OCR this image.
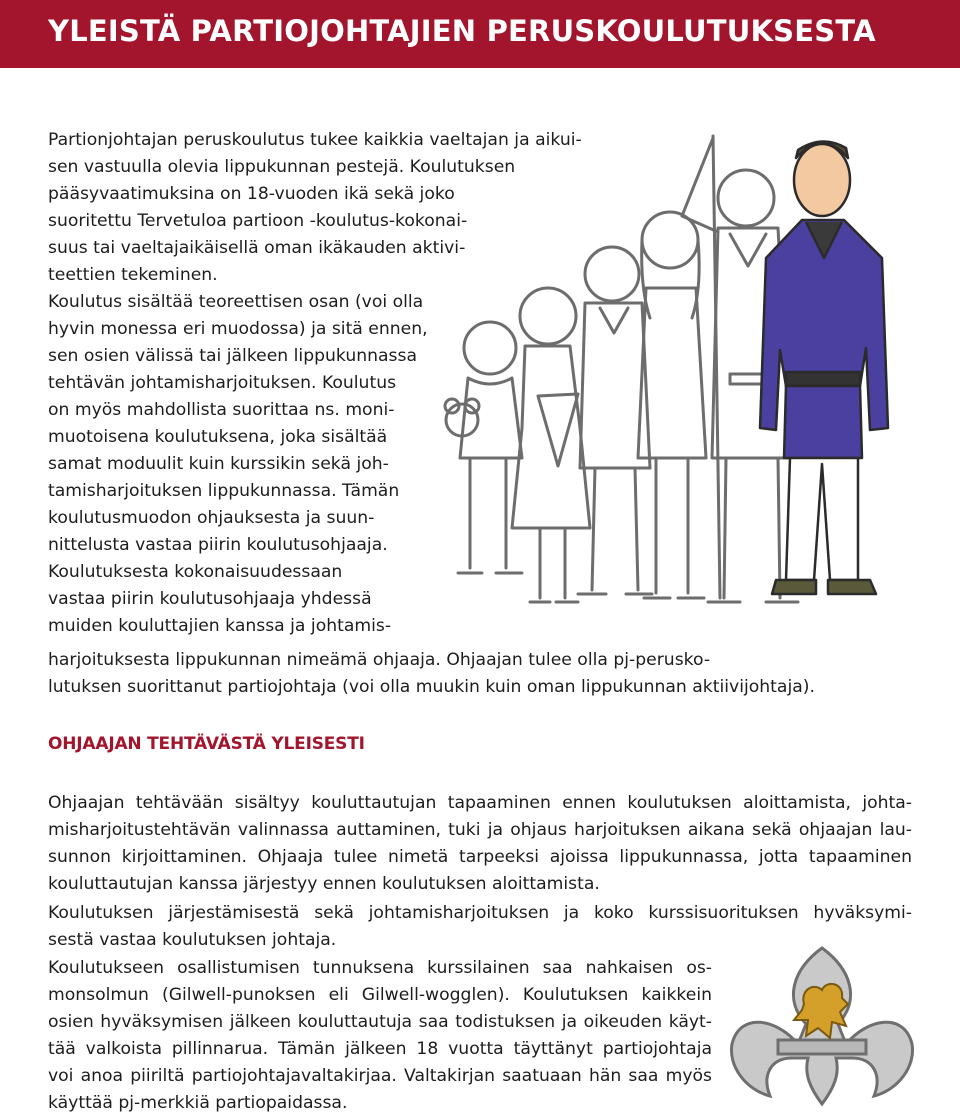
YLEISTÄ PARTIOJOHTAJIEN PERUSKOULUTUKSESTA
Partionjohtajan peruskoulutus tukee kaikkia vaeltajan ja aikui-
sen vastuulla olevia lippukunnan pestejä. Koulutuksen
pääsyvaatimuksina on 18-vuoden ikä sekä joko
suoritettu Tervetuloa partioon -koulutus-kokonai-
suus tai vaeltajaikäisellä oman ikäkauden aktivi-
teettien tekeminen.
Koulutus sisältää teoreettisen osan (voi olla
hyvin monessa eri muodossa) ja sitä ennen,
sen osien välissä tai jälkeen lippukunnassa
tehtävän johtamisharjoituksen. Koulutus
on myös mahdollista suorittaa ns. moni-
muotoisena koulutuksena, joka sisältää
samat moduulit kuin kurssikin sekä joh-
tamisharjoituksen lippukunnassa. Tämän
koulutusmuodon ohjauksesta ja suun-
nittelusta vastaa piirin koulutusohjaaja.
Koulutuksesta kokonaisuudessaan
vastaa piirin koulutusohjaaja yhdessä
muiden kouluttajien kanssa ja johtamis-
harjoituksesta lippukunnan nimeämä ohjaaja. Ohjaajan tulee olla pj-perusko-
lutuksen suorittanut partiojohtaja (voi olla muukin kuin oman lippukunnan aktiivijohtaja).
OHJAAJAN TEHTÄVÄSTÄ YLEISESTI
Ohjaajan tehtävään sisältyy kouluttautujan tapaaminen ennen koulutuksen aloittamista, johta-
misharjoitustehtävän valinnassa auttaminen, tuki ja ohjaus harjoituksen aikana sekä ohjaajan lau-
sunnon kirjoittaminen. Ohjaaja tulee nimetä tarpeeksi ajoissa lippukunnassa, jotta tapaaminen
kouluttautujan kanssa järjestyy ennen koulutuksen aloittamista.
Koulutuksen järjestämisestä sekä johtamisharjoituksen ja koko kurssisuorituksen hyväksymi-
sestä vastaa koulutuksen johtaja.
Koulutukseen osallistumisen tunnuksena kurssilainen saa nahkaisen os-
monsolmun (Gilwell-punoksen eli Gilwell-wogglen). Koulutuksen kaikkein
osien hyväksymisen jälkeen kouluttautuja saa todistuksen ja oikeuden käyt-
tää valkoista pillinnarua. Tämän jälkeen 18 vuotta täyttänyt partiojohtaja
voi anoa piiriltä partiojohtajavaltakirjaa. Valtakirjan saatuaan hän saa myös
käyttää pj-merkkiä partiopaidassa.
